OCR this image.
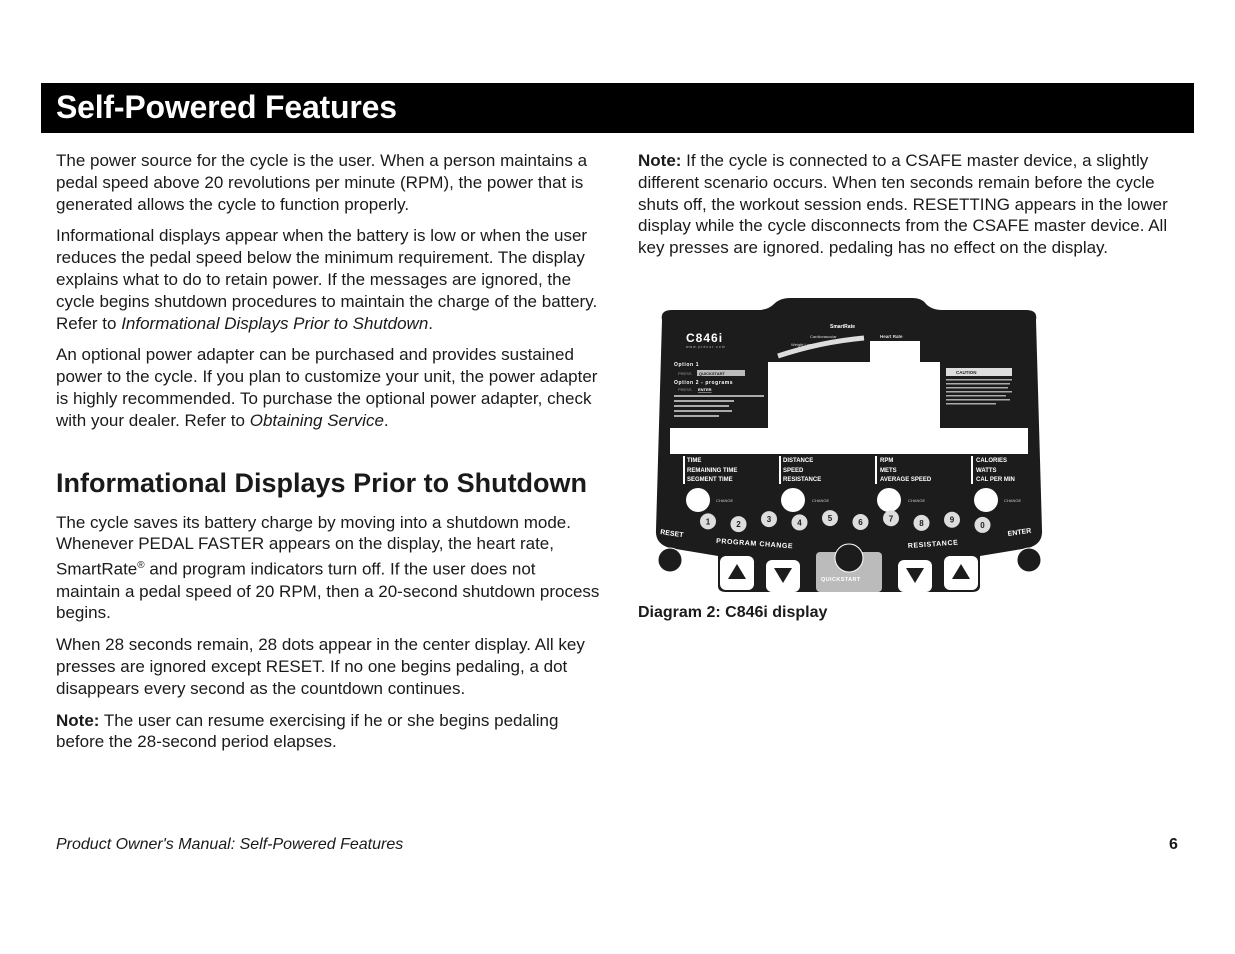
Self-Powered Features

The power source for the cycle is the user. When a person maintains a pedal speed above 20 revolutions per minute (RPM), the power that is generated allows the cycle to function properly.

Informational displays appear when the battery is low or when the user reduces the pedal speed below the minimum requirement. The display explains what to do to retain power. If the messages are ignored, the cycle begins shutdown procedures to maintain the charge of the battery. Refer to Informational Displays Prior to Shutdown.

An optional power adapter can be purchased and provides sustained power to the cycle. If you plan to customize your unit, the power adapter is highly recommended. To purchase the optional power adapter, check with your dealer. Refer to Obtaining Service.

Informational Displays Prior to Shutdown

The cycle saves its battery charge by moving into a shutdown mode. Whenever PEDAL FASTER appears on the display, the heart rate, SmartRate® and program indicators turn off. If the user does not maintain a pedal speed of 20 RPM, then a 20-second shutdown process begins.

When 28 seconds remain, 28 dots appear in the center display. All key presses are ignored except RESET. If no one begins pedaling, a dot disappears every second as the countdown continues.

Note: The user can resume exercising if he or she begins pedaling before the 28-second period elapses.

Note: If the cycle is connected to a CSAFE master device, a slightly different scenario occurs. When ten seconds remain before the cycle shuts off, the workout session ends. RESETTING appears in the lower display while the cycle disconnects from the CSAFE master device. All key presses are ignored. pedaling has no effect on the display.

C846i
www.precor.com
SmartRate
Cardiovascular	Heart Rate
Weight Loss
Option 1
PRESS QUICKSTART
Option 2 - programs
PRESS ENTER
CAUTION
TIME
REMAINING TIME
SEGMENT TIME
CHANGE
DISTANCE
SPEED
RESISTANCE
CHANGE
RPM
METS
AVERAGE SPEED
CHANGE
CALORIES
WATTS
CAL PER MIN
CHANGE
1	2
3	4	5	6	7
8	9
0
RESET
PROGRAM CHANGE	RESISTANCE
ENTER
QUICKSTART
Diagram 2: C846i display
Product Owner's Manual: Self-Powered Features	6
